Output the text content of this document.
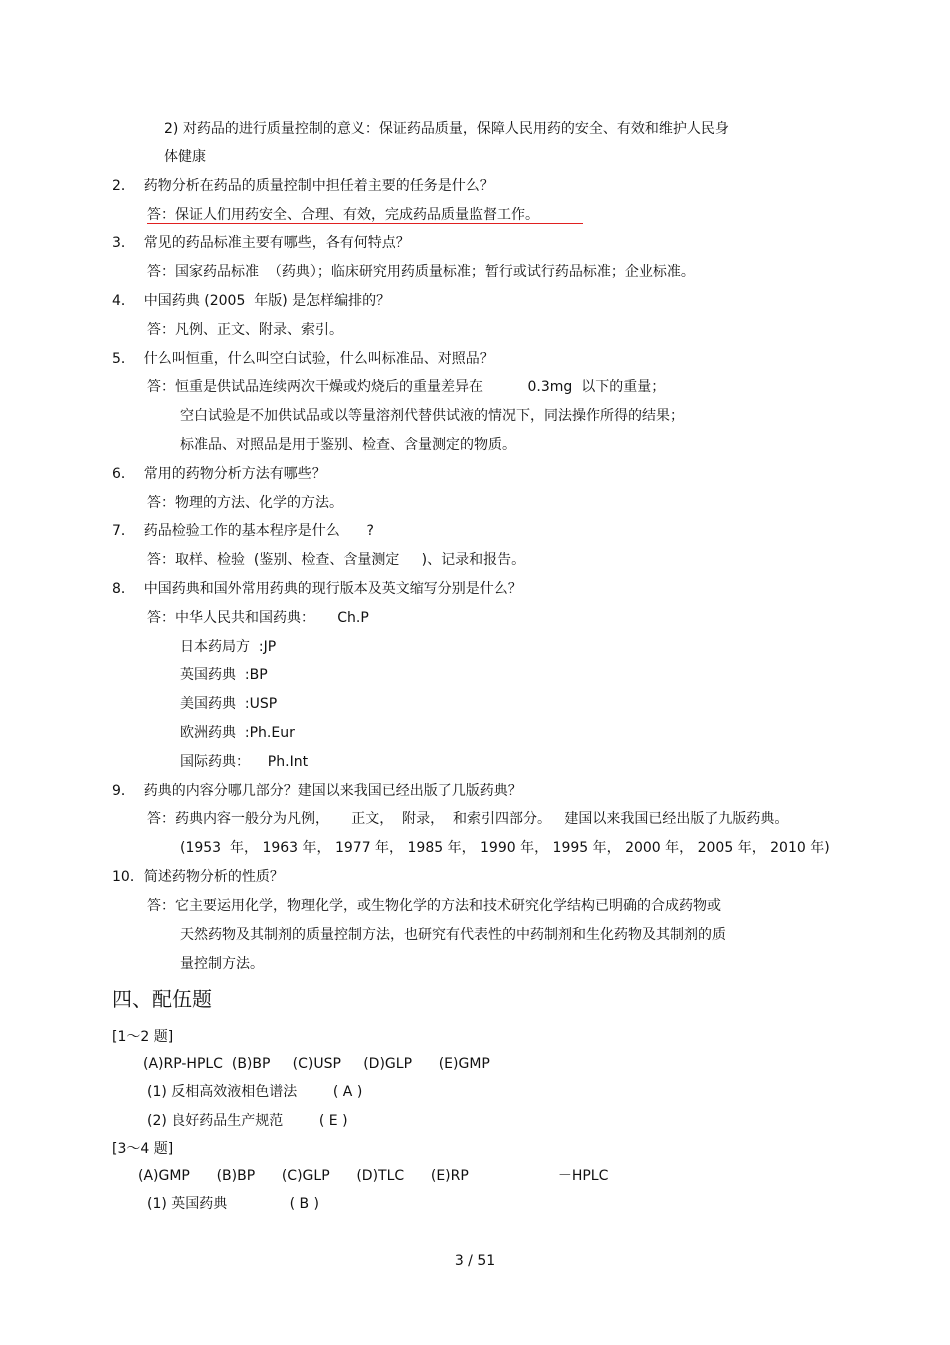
2) 对药品的进行质量控制的意义：保证药品质量，保障人民用药的安全、有效和维护人民身
体健康
2．  药物分析在药品的质量控制中担任着主要的任务是什么？
答：保证人们用药安全、合理、有效，完成药品质量监督工作。
3．  常见的药品标准主要有哪些，各有何特点？
答：国家药品标准  （药典）；临床研究用药质量标准；暂行或试行药品标准；企业标准。
4．  中国药典 (2005  年版) 是怎样编排的？
答：凡例、正文、附录、索引。
5．  什么叫恒重，什么叫空白试验，什么叫标准品、对照品？
答：恒重是供试品连续两次干燥或灼烧后的重量差异在          0.3mg  以下的重量；
空白试验是不加供试品或以等量溶剂代替供试液的情况下，同法操作所得的结果；
标准品、对照品是用于鉴别、检查、含量测定的物质。
6．  常用的药物分析方法有哪些？
答：物理的方法、化学的方法。
7．  药品检验工作的基本程序是什么      ?
答：取样、检验  (鉴别、检查、含量测定     )、记录和报告。
8．  中国药典和国外常用药典的现行版本及英文缩写分别是什么？
答：中华人民共和国药典：     Ch.P
日本药局方  :JP
英国药典  :BP
美国药典  :USP
欧洲药典  :Ph.Eur
国际药典：    Ph.Int
9．  药典的内容分哪几部分？建国以来我国已经出版了几版药典？
答：药典内容一般分为凡例，     正文，  附录，  和索引四部分。   建国以来我国已经出版了九版药典。
(1953  年， 1963 年， 1977 年， 1985 年， 1990 年， 1995 年， 2000 年， 2005 年， 2010 年)
10．简述药物分析的性质？
答：它主要运用化学，物理化学，或生物化学的方法和技术研究化学结构已明确的合成药物或
天然药物及其制剂的质量控制方法，也研究有代表性的中药制剂和生化药物及其制剂的质
量控制方法。
四、配伍题
[1～2 题]
(A)RP-HPLC  (B)BP     (C)USP     (D)GLP      (E)GMP
(1) 反相高效液相色谱法        ( A )
(2) 良好药品生产规范        ( E )
[3～4 题]
(A)GMP      (B)BP      (C)GLP      (D)TLC      (E)RP                    －HPLC
(1) 英国药典              ( B )
3 / 51
